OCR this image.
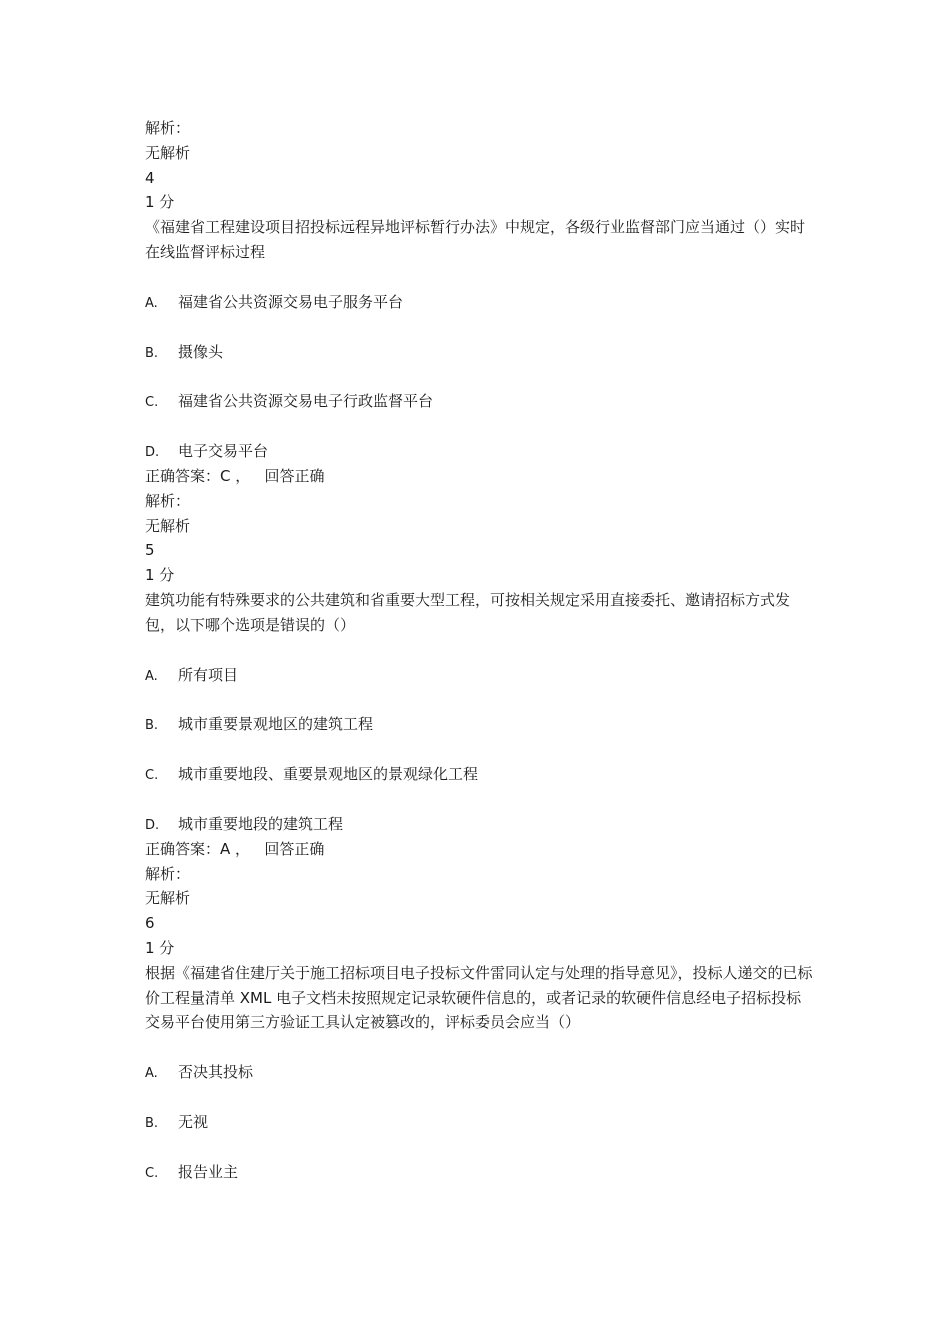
解析：
无解析
4
1 分
《福建省工程建设项目招投标远程异地评标暂行办法》中规定，各级行业监督部门应当通过（）实时在线监督评标过程
A.	福建省公共资源交易电子服务平台
B.	摄像头
C.	福建省公共资源交易电子行政监督平台
D.	电子交易平台
正确答案：C ，   回答正确
解析：
无解析
5
1 分
建筑功能有特殊要求的公共建筑和省重要大型工程，可按相关规定采用直接委托、邀请招标方式发包，以下哪个选项是错误的（）
A.	所有项目
B.	城市重要景观地区的建筑工程
C.	城市重要地段、重要景观地区的景观绿化工程
D.	城市重要地段的建筑工程
正确答案：A ，   回答正确
解析：
无解析
6
1 分
根据《福建省住建厅关于施工招标项目电子投标文件雷同认定与处理的指导意见》，投标人递交的已标价工程量清单 XML 电子文档未按照规定记录软硬件信息的，或者记录的软硬件信息经电子招标投标交易平台使用第三方验证工具认定被篡改的，评标委员会应当（）
A.	否决其投标
B.	无视
C.	报告业主
